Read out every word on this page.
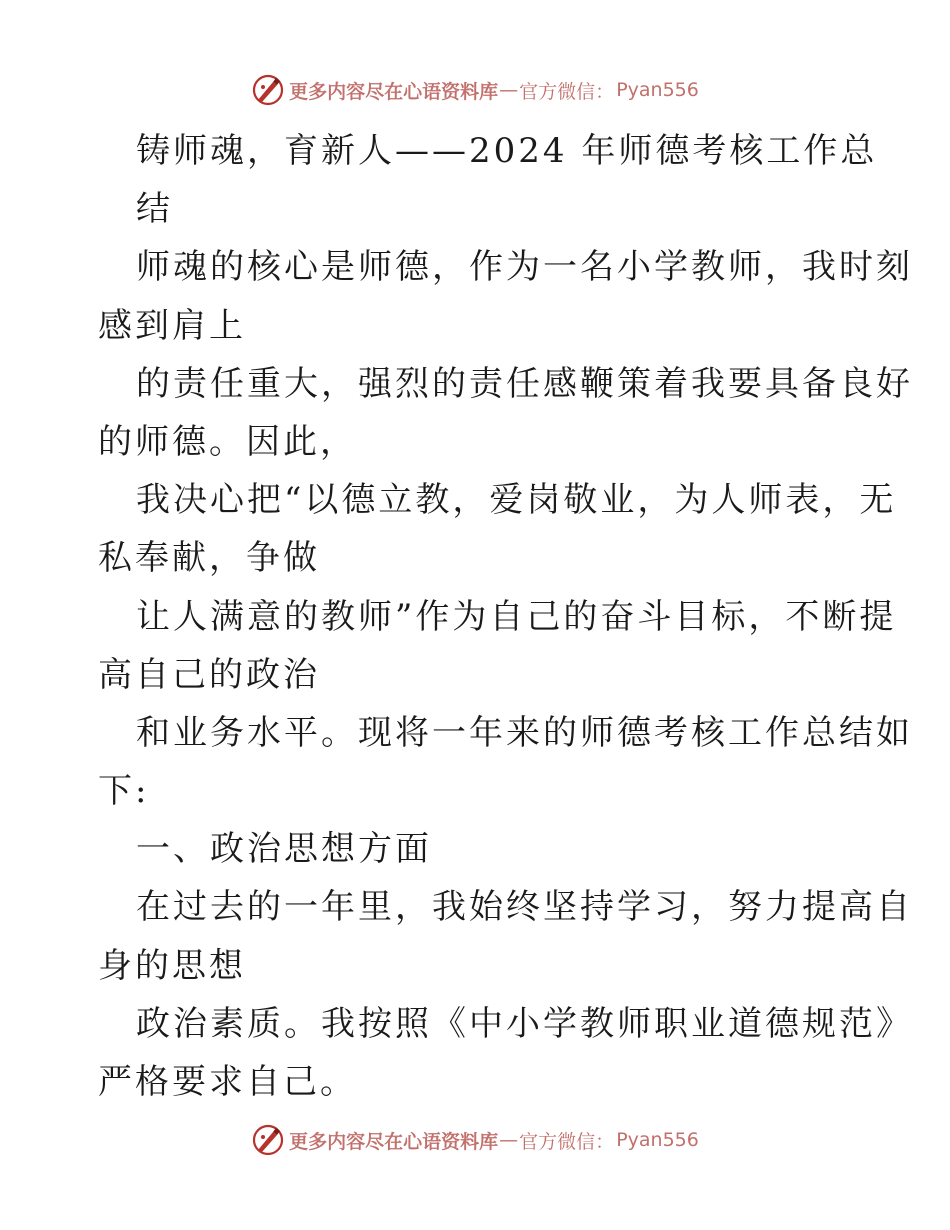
更多内容尽在心语资料库 — 官方微信： Pyan556
铸师魂，育新人——2024 年师德考核工作总
结
师魂的核心是师德，作为一名小学教师，我时刻
感到肩上
的责任重大，强烈的责任感鞭策着我要具备良好
的师德。因此，
我决心把“以德立教，爱岗敬业，为人师表，无
私奉献，争做
让人满意的教师”作为自己的奋斗目标，不断提
高自己的政治
和业务水平。现将一年来的师德考核工作总结如
下:
一、政治思想方面
在过去的一年里，我始终坚持学习，努力提高自
身的思想
政治素质。我按照《中小学教师职业道德规范》
严格要求自己。
更多内容尽在心语资料库 — 官方微信： Pyan556
